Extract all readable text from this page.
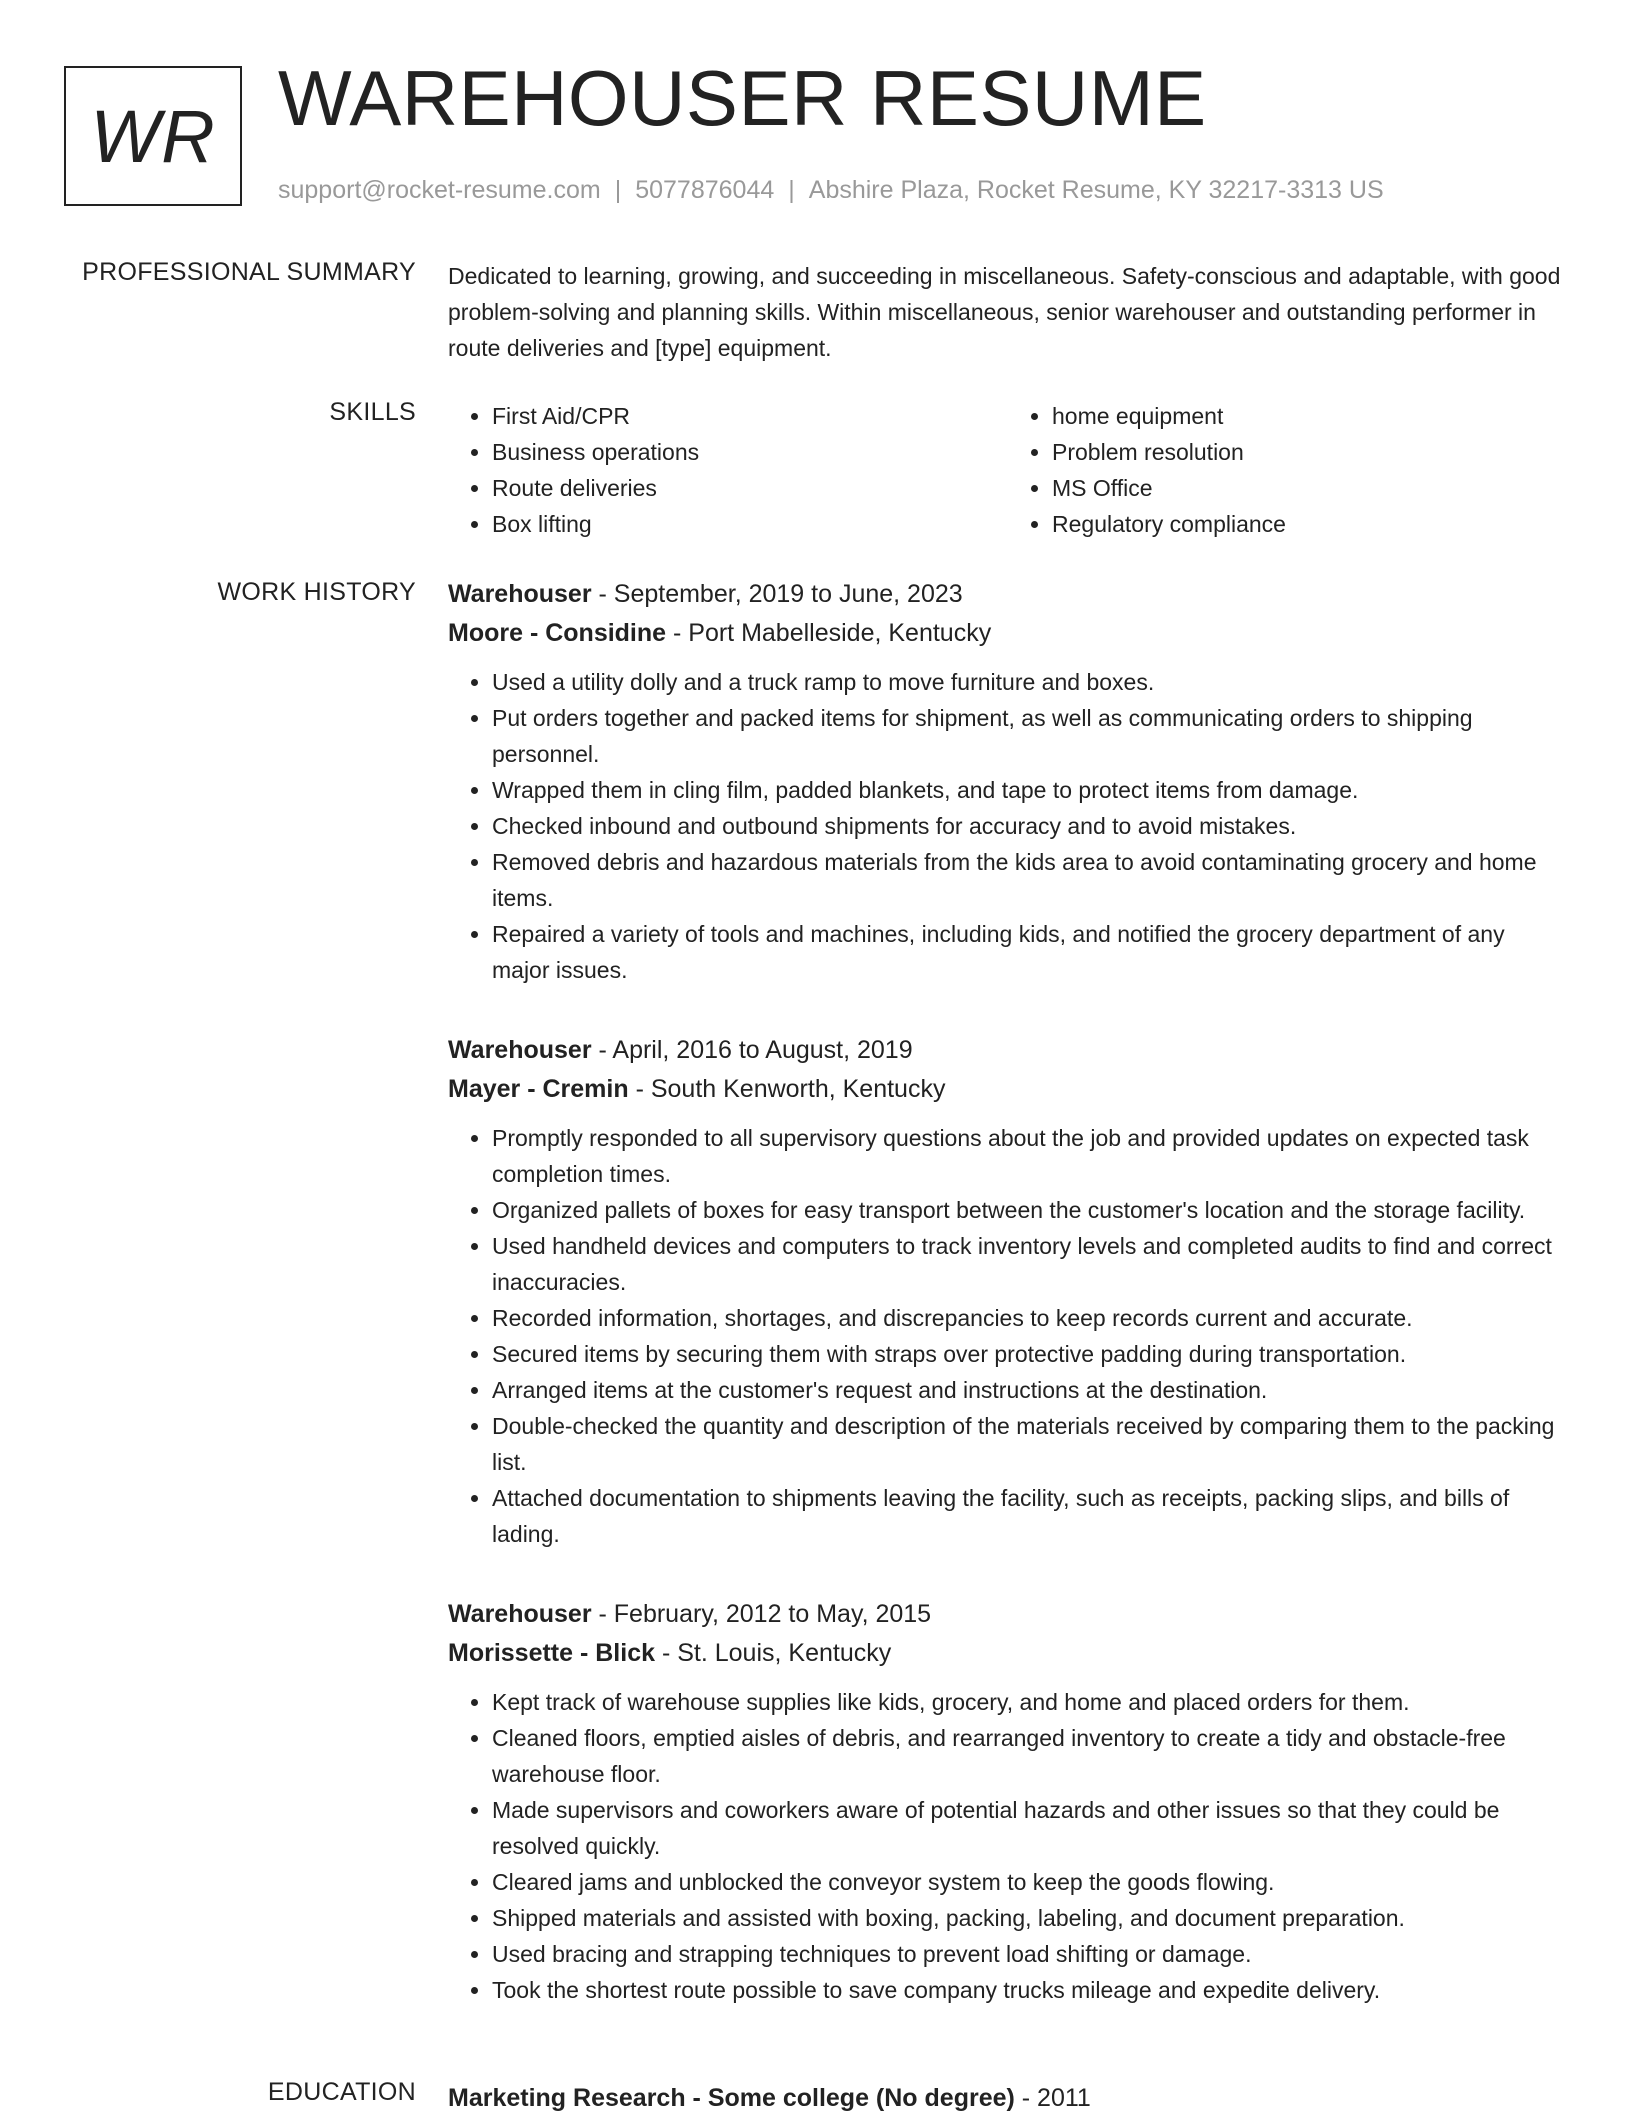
WR WAREHOUSER RESUME
support@rocket-resume.com | 5077876044 | Abshire Plaza, Rocket Resume, KY 32217-3313 US
PROFESSIONAL SUMMARY Dedicated to learning, growing, and succeeding in miscellaneous. Safety-conscious and adaptable, with good problem-solving and planning skills. Within miscellaneous, senior warehouser and outstanding performer in route deliveries and [type] equipment.

SKILLS
•	First Aid/CPR
• Business operations
• Route deliveries
• Box lifting
• home equipment
• Problem resolution
• MS Office
• Regulatory compliance
WORK HISTORY Warehouser - September, 2019 to June, 2023
Moore - Considine - Port Mabelleside, Kentucky
• Used a utility dolly and a truck ramp to move furniture and boxes.
• Put orders together and packed items for shipment, as well as communicating orders to shipping personnel.
• Wrapped them in cling film, padded blankets, and tape to protect items from damage.
• Checked inbound and outbound shipments for accuracy and to avoid mistakes.
• Removed debris and hazardous materials from the kids area to avoid contaminating grocery and home items.
• Repaired a variety of tools and machines, including kids, and notified the grocery department of any major issues.
Warehouser - April, 2016 to August, 2019
Mayer - Cremin - South Kenworth, Kentucky
• Promptly responded to all supervisory questions about the job and provided updates on expected task completion times.
• Organized pallets of boxes for easy transport between the customer's location and the storage facility.
• Used handheld devices and computers to track inventory levels and completed audits to find and correct inaccuracies.
• Recorded information, shortages, and discrepancies to keep records current and accurate.
• Secured items by securing them with straps over protective padding during transportation.
• Arranged items at the customer's request and instructions at the destination.
• Double-checked the quantity and description of the materials received by comparing them to the packing list.
• Attached documentation to shipments leaving the facility, such as receipts, packing slips, and bills of lading.
Warehouser - February, 2012 to May, 2015
Morissette - Blick - St. Louis, Kentucky
• Kept track of warehouse supplies like kids, grocery, and home and placed orders for them.
• Cleaned floors, emptied aisles of debris, and rearranged inventory to create a tidy and obstacle-free warehouse floor.
• Made supervisors and coworkers aware of potential hazards and other issues so that they could be resolved quickly.
• Cleared jams and unblocked the conveyor system to keep the goods flowing.
• Shipped materials and assisted with boxing, packing, labeling, and document preparation.
• Used bracing and strapping techniques to prevent load shifting or damage.
• Took the shortest route possible to save company trucks mileage and expedite delivery.
EDUCATION Marketing Research - Some college (No degree) - 2011
